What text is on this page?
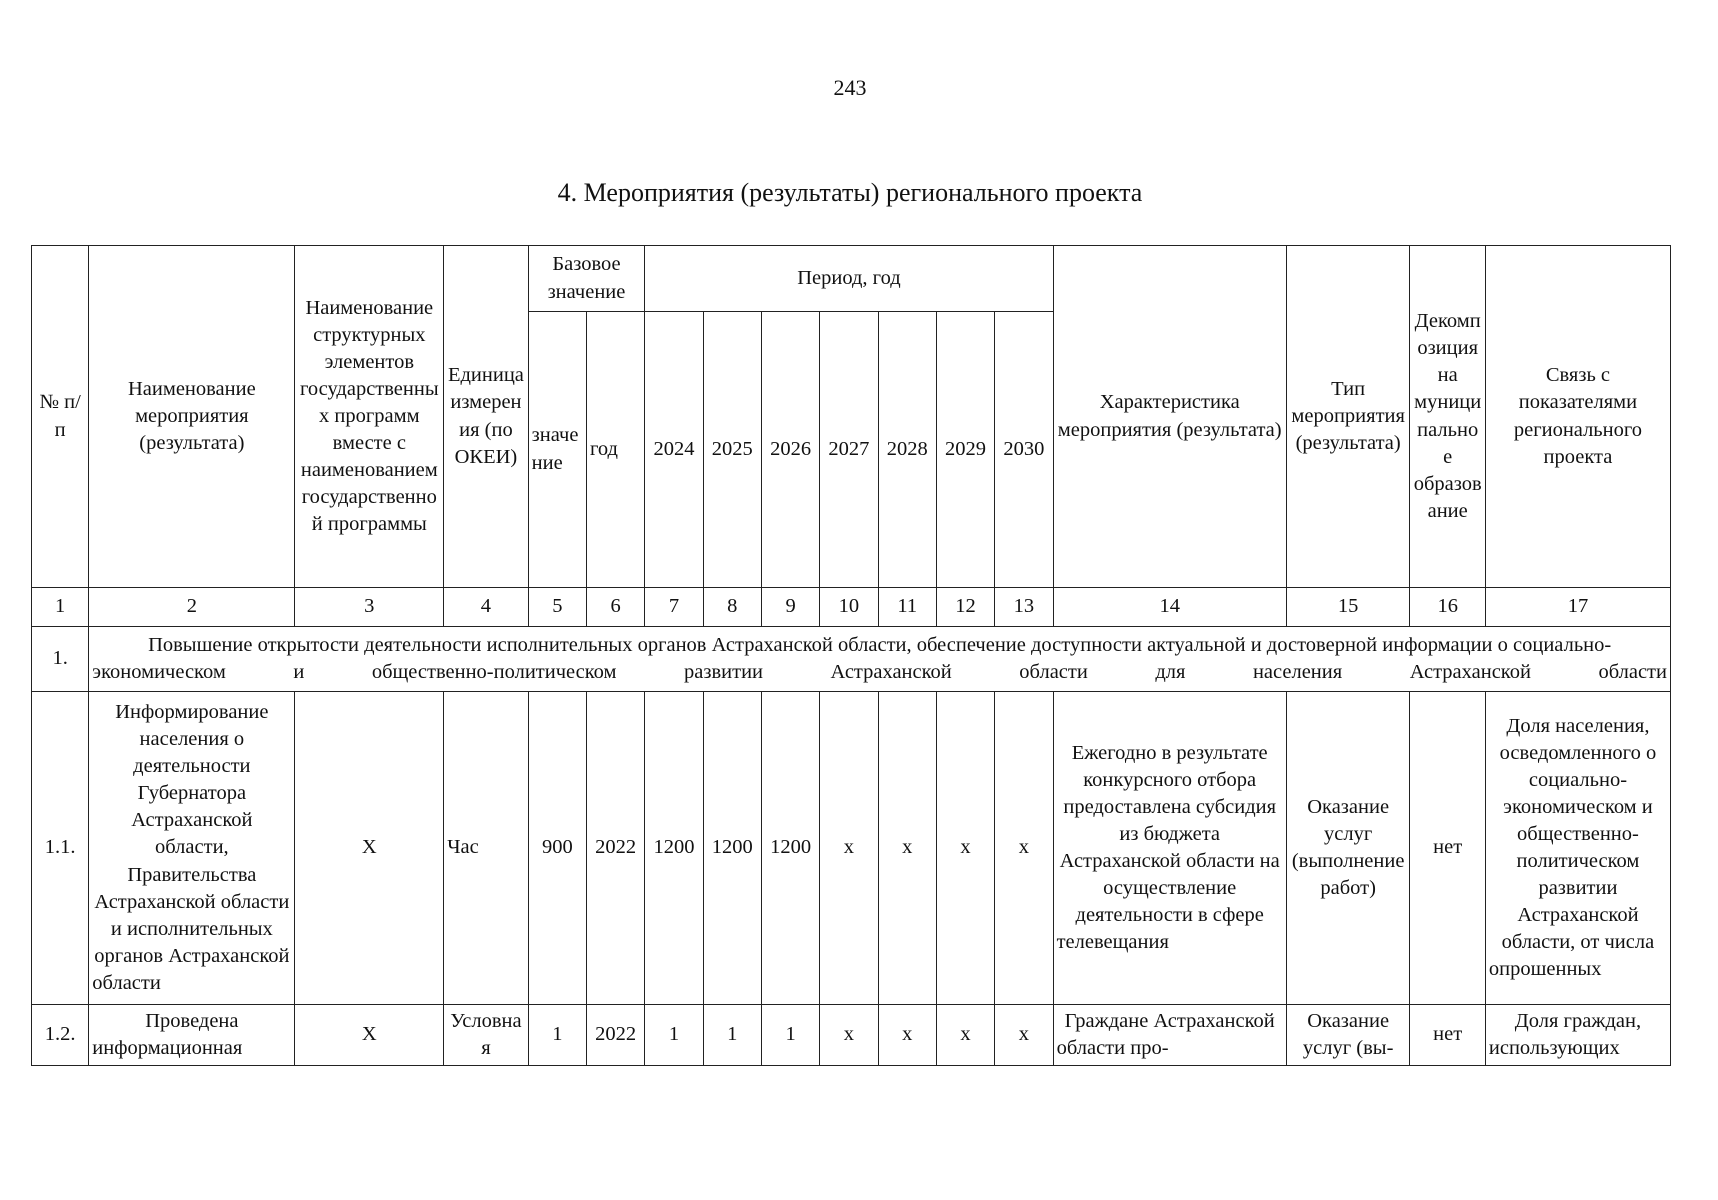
243
4. Мероприятия (результаты) регионального проекта
№ п/п	Наименование мероприятия (результата)	Наименование структурных элементов государственных программ вместе с наименованием государственной программы	Единица измерения (по ОКЕИ)	Базовое значение		Период, год							Характеристика мероприятия (результата)	Тип мероприятия (результата)	Декомпозиция на муниципальное образование	Связь с показателями регионального проекта
				значение	год	2024	2025	2026	2027	2028	2029	2030				
1	2	3	4	5	6	7	8	9	10	11	12	13	14	15	16	17
1.	Повышение открытости деятельности исполнительных органов Астраханской области, обеспечение доступности актуальной и достоверной информации о социально-экономическом и общественно-политическом развитии Астраханской области для населения Астраханской области															
1.1.	Информирование населения о деятельности Губернатора Астраханской области, Правительства Астраханской области и исполнительных органов Астраханской области	X	Час	900	2022	1200	1200	1200	x	x	x	x	Ежегодно в результате конкурсного отбора предоставлена субсидия из бюджета Астраханской области на осуществление деятельности в сфере телевещания	Оказание услуг (выполнение работ)	нет	Доля населения, осведомленного о социально-экономическом и общественно-политическом развитии Астраханской области, от числа опрошенных
1.2.	Проведена информационная	X	Условная	1	2022	1	1	1	x	x	x	x	Граждане Астраханской области про-	Оказание услуг (вы-	нет	Доля граждан, использующих
